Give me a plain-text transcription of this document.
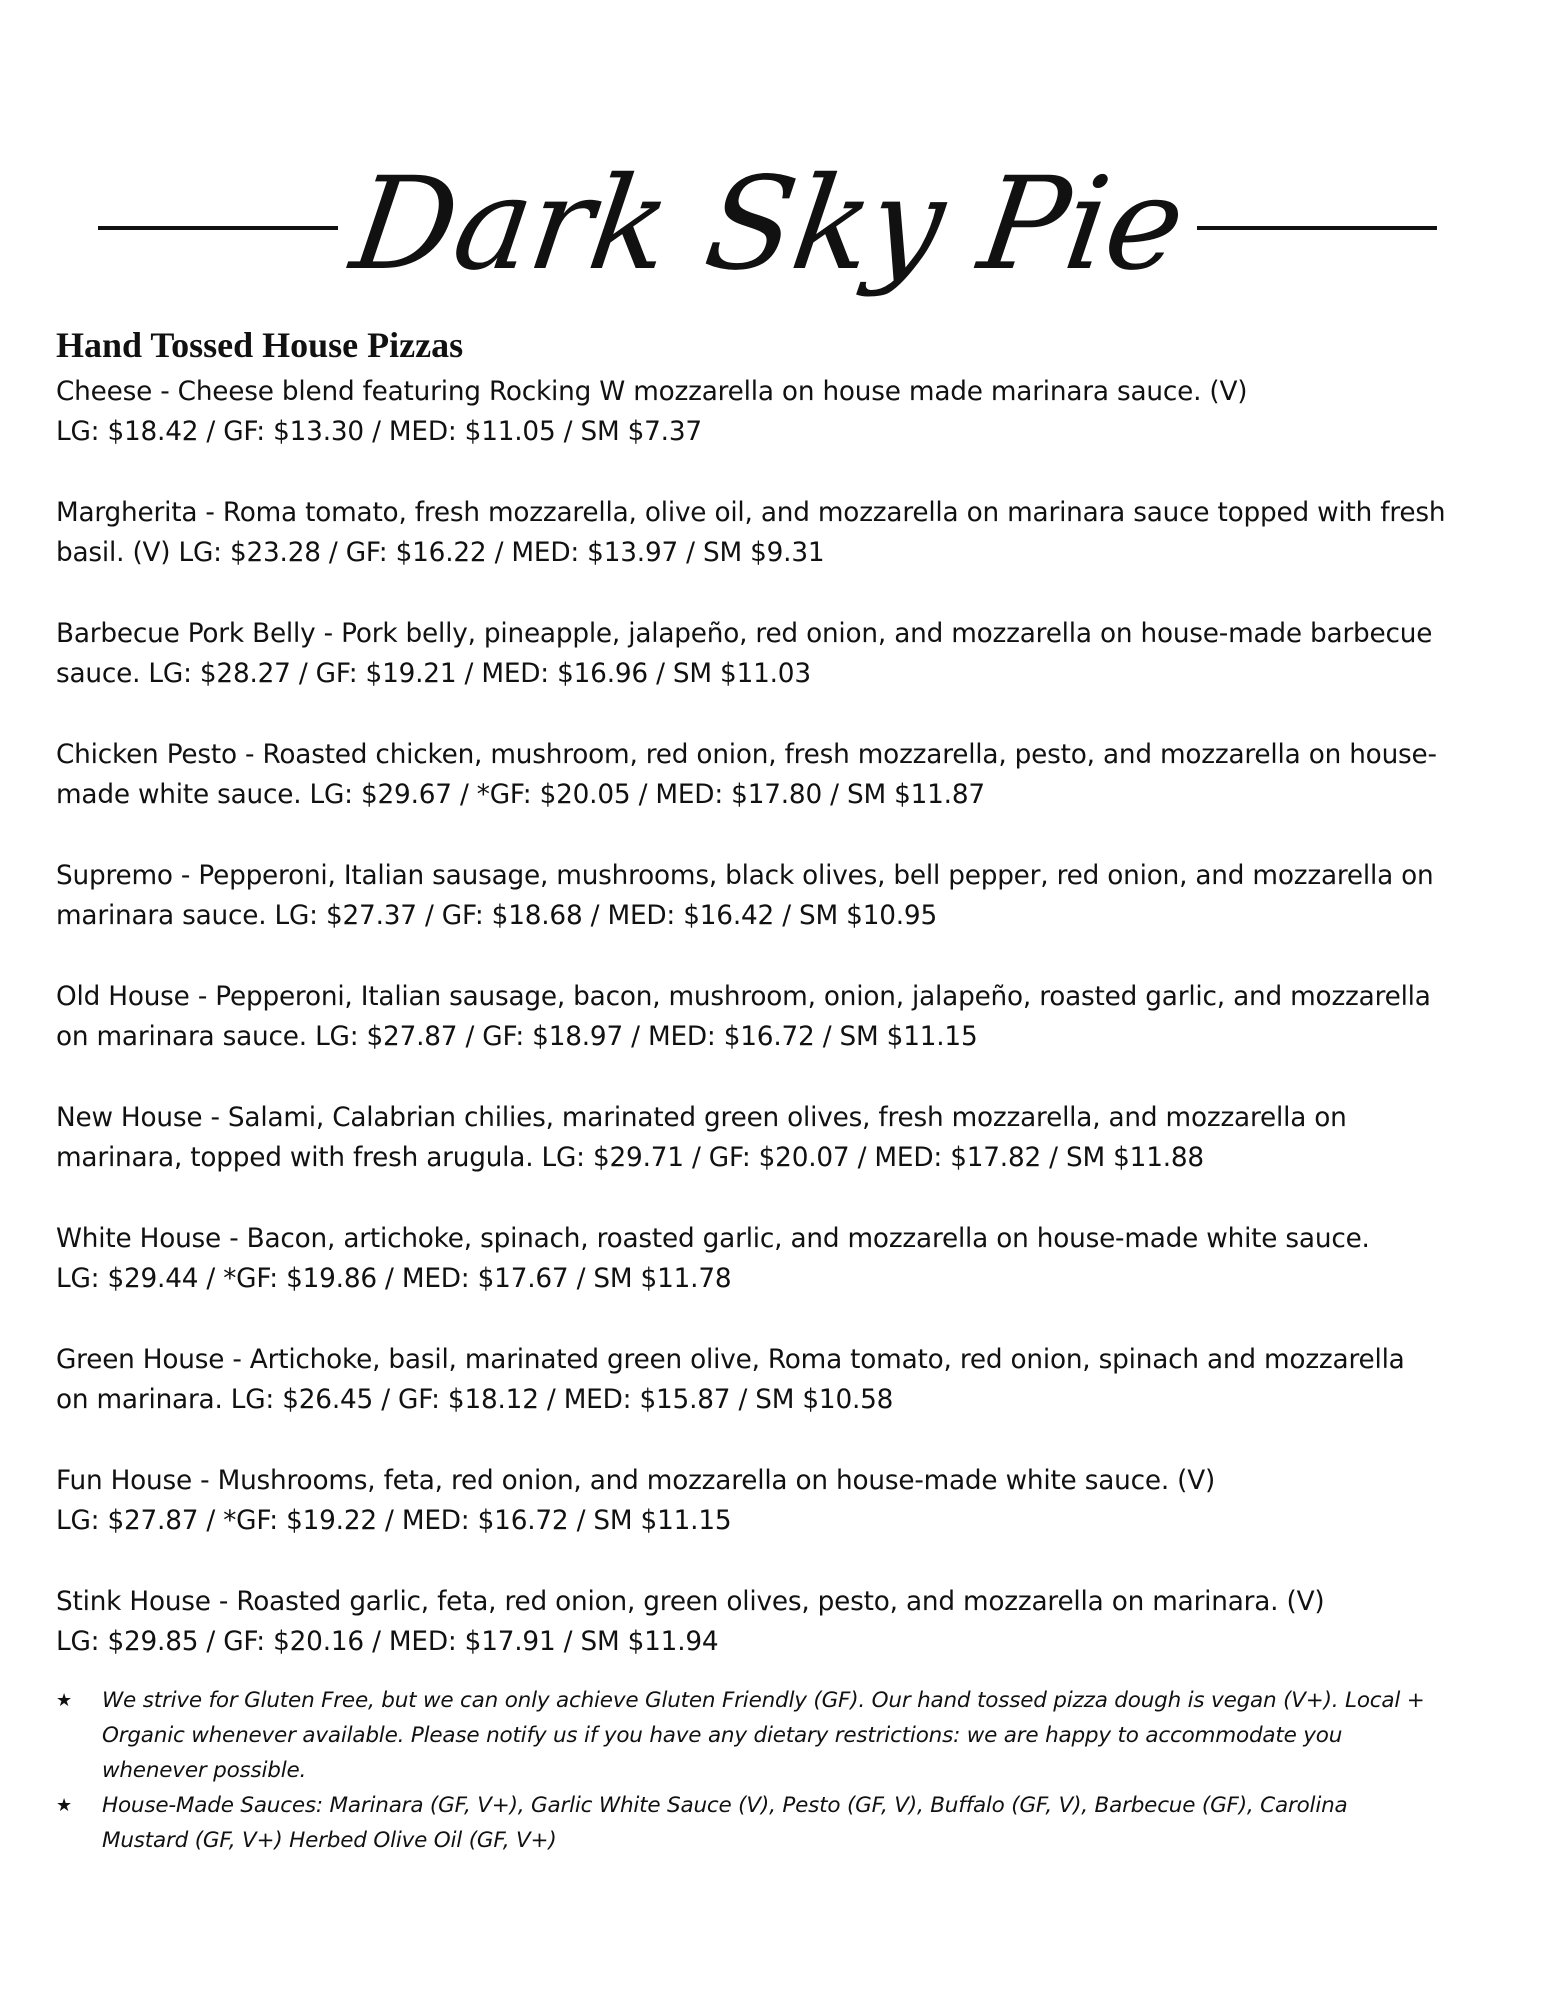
Dark Sky Pie
Hand Tossed House Pizzas
Cheese - Cheese blend featuring Rocking W mozzarella on house made marinara sauce. (V)
LG: $18.42 / GF: $13.30 / MED: $11.05 / SM $7.37
Margherita - Roma tomato, fresh mozzarella, olive oil, and mozzarella on marinara sauce topped with fresh
basil. (V) LG: $23.28 / GF: $16.22 / MED: $13.97 / SM $9.31
Barbecue Pork Belly - Pork belly, pineapple, jalapeño, red onion, and mozzarella on house-made barbecue
sauce. LG: $28.27 / GF: $19.21 / MED: $16.96 / SM $11.03
Chicken Pesto - Roasted chicken, mushroom, red onion, fresh mozzarella, pesto, and mozzarella on house-
made white sauce. LG: $29.67 / *GF: $20.05 / MED: $17.80 / SM $11.87
Supremo - Pepperoni, Italian sausage, mushrooms, black olives, bell pepper, red onion, and mozzarella on
marinara sauce. LG: $27.37 / GF: $18.68 / MED: $16.42 / SM $10.95
Old House - Pepperoni, Italian sausage, bacon, mushroom, onion, jalapeño, roasted garlic, and mozzarella
on marinara sauce. LG: $27.87 / GF: $18.97 / MED: $16.72 / SM $11.15
New House - Salami, Calabrian chilies, marinated green olives, fresh mozzarella, and mozzarella on
marinara, topped with fresh arugula. LG: $29.71 / GF: $20.07 / MED: $17.82 / SM $11.88
White House - Bacon, artichoke, spinach, roasted garlic, and mozzarella on house-made white sauce.
LG: $29.44 / *GF: $19.86 / MED: $17.67 / SM $11.78
Green House - Artichoke, basil, marinated green olive, Roma tomato, red onion, spinach and mozzarella
on marinara. LG: $26.45 / GF: $18.12 / MED: $15.87 / SM $10.58
Fun House - Mushrooms, feta, red onion, and mozzarella on house-made white sauce. (V)
LG: $27.87 / *GF: $19.22 / MED: $16.72 / SM $11.15
Stink House - Roasted garlic, feta, red onion, green olives, pesto, and mozzarella on marinara. (V)
LG: $29.85 / GF: $20.16 / MED: $17.91 / SM $11.94
★ We strive for Gluten Free, but we can only achieve Gluten Friendly (GF). Our hand tossed pizza dough is vegan (V+). Local +
Organic whenever available. Please notify us if you have any dietary restrictions: we are happy to accommodate you
whenever possible.
★ House-Made Sauces: Marinara (GF, V+), Garlic White Sauce (V), Pesto (GF, V), Buffalo (GF, V), Barbecue (GF), Carolina
Mustard (GF, V+) Herbed Olive Oil (GF, V+)
